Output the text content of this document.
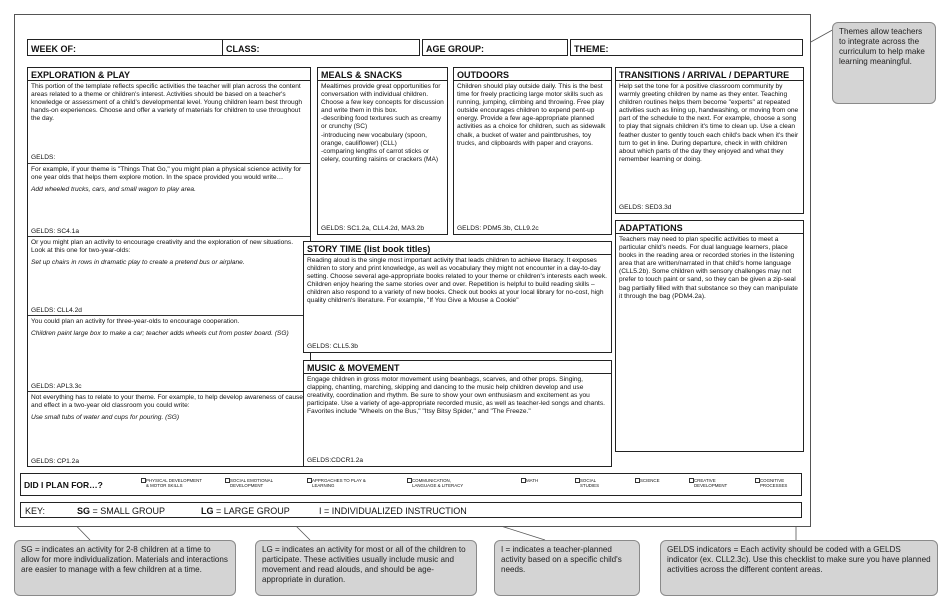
WEEK OF:	CLASS:	AGE GROUP:	THEME:
EXPLORATION & PLAY
This portion of the template reflects specific activities the teacher will plan across the content areas related to a theme or children's interest. Activities should be based on a teacher's knowledge or assessment of a child's developmental level. Young children learn best through hands-on experiences. Choose and offer a variety of materials for children to use throughout the day.
GELDS:
For example, if your theme is "Things That Go," you might plan a physical science activity for one year olds that helps them explore motion. In the space provided you would write…
Add wheeled trucks, cars, and small wagon to play area.
GELDS: SC4.1a
Or you might plan an activity to encourage creativity and the exploration of new situations. Look at this one for two-year-olds:
Set up chairs in rows in dramatic play to create a pretend bus or airplane.
GELDS: CLL4.2d
You could plan an activity for three-year-olds to encourage cooperation.
Children paint large box to make a car; teacher adds wheels cut from poster board. (SG)
GELDS: APL3.3c
Not everything has to relate to your theme. For example, to help develop awareness of cause and effect in a two-year old classroom you could write:
Use small tubs of water and cups for pouring. (SG)
GELDS: CP1.2a
MEALS & SNACKS
Mealtimes provide great opportunities for conversation with individual children. Choose a few key concepts for discussion and write them in this box.
-describing food textures such as creamy or crunchy (SC)
-introducing new vocabulary (spoon, orange, cauliflower) (CLL)
-comparing lengths of carrot sticks or celery, counting raisins or crackers (MA)
GELDS: SC1.2a, CLL4.2d, MA3.2b
OUTDOORS
Children should play outside daily. This is the best time for freely practicing large motor skills such as running, jumping, climbing and throwing. Free play outside encourages children to expend pent-up energy. Provide a few age-appropriate planned activities as a choice for children, such as sidewalk chalk, a bucket of water and paintbrushes, toy trucks, and clipboards with paper and crayons.
GELDS: PDM5.3b, CLL9.2c
TRANSITIONS / ARRIVAL / DEPARTURE
Help set the tone for a positive classroom community by warmly greeting children by name as they enter. Teaching children routines helps them become "experts" at repeated activities such as lining up, handwashing, or moving from one part of the schedule to the next. For example, choose a song to play that signals children it's time to clean up. Use a clean feather duster to gently touch each child's back when it's their turn to get in line. During departure, check in with children about which parts of the day they enjoyed and what they remember learning or doing.
GELDS: SED3.3d
STORY TIME (list book titles)
Reading aloud is the single most important activity that leads children to achieve literacy. It exposes children to story and print knowledge, as well as vocabulary they might not encounter in a day-to-day setting. Choose several age-appropriate books related to your theme or children's interests each week. Children enjoy hearing the same stories over and over. Repetition is helpful to build reading skills – children also respond to a variety of new books. Check out books at your local library for no-cost, high quality children's literature. For example, "If You Give a Mouse a Cookie"
GELDS: CLL5.3b
ADAPTATIONS
Teachers may need to plan specific activities to meet a particular child's needs. For dual language learners, place books in the reading area or recorded stories in the listening area that are written/narrated in that child's home language (CLL5.2b). Some children with sensory challenges may not prefer to touch paint or sand, so they can be given a zip-seal bag partially filled with that substance so they can manipulate it through the bag (PDM4.2a).
MUSIC & MOVEMENT
Engage children in gross motor movement using beanbags, scarves, and other props. Singing, clapping, chanting, marching, skipping and dancing to the music help children develop and use creativity, coordination and rhythm. Be sure to show your own enthusiasm and excitement as you participate. Use a variety of age-appropriate recorded music, as well as teacher-led songs and chants. Favorites include "Wheels on the Bus," "Itsy Bitsy Spider," and "The Freeze."
GELDS:CDCR1.2a
DID I PLAN FOR…?	PHYSICAL DEVELOPMENT & MOTOR SKILLS
SOCIAL EMOTIONAL DEVELOPMENT
APPROACHES TO PLAY & LEARNING
COMMUNICATION, LANGUAGE & LITERACY
MATH	SOCIAL STUDIES
SCIENCE	CREATIVE DEVELOPMENT
COGNITIVE PROCESSES
KEY:	SG = SMALL GROUP	LG = LARGE GROUP	I = INDIVIDUALIZED INSTRUCTION
Themes allow teachers to integrate across the curriculum to help make learning meaningful.
SG = indicates an activity for 2-8 children at a time to allow for more individualization. Materials and interactions are easier to manage with a few children at a time.
LG = indicates an activity for most or all of the children to participate. These activities usually include music and movement and read alouds, and should be age-appropriate in duration.
I = indicates a teacher-planned activity based on a specific child's needs.
GELDS indicators = Each activity should be coded with a GELDS indicator (ex. CLL2.3c). Use this checklist to make sure you have planned activities across the different content areas.
